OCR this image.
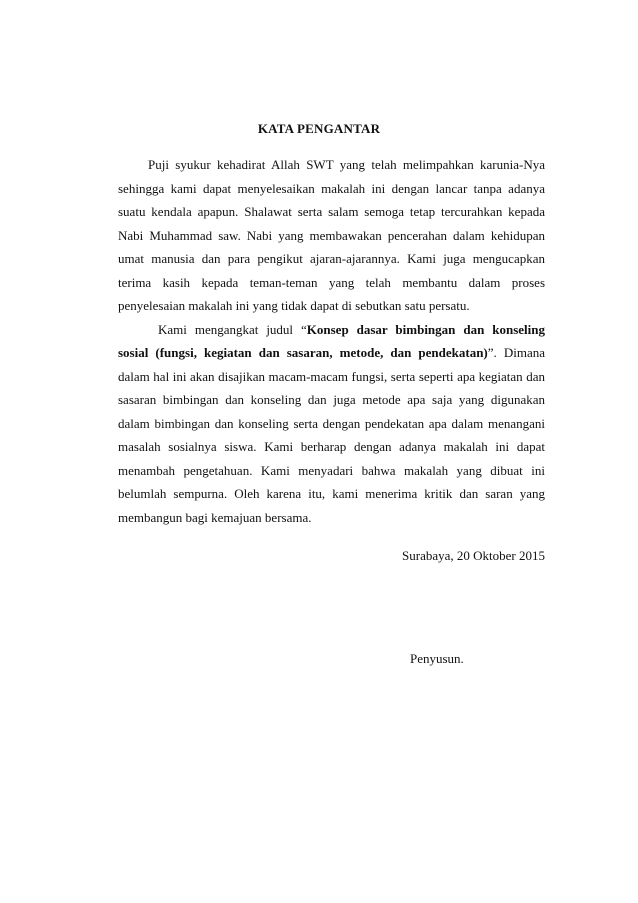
KATA PENGANTAR

Puji syukur kehadirat Allah SWT yang telah melimpahkan karunia-Nya sehingga kami dapat menyelesaikan makalah ini dengan lancar tanpa adanya suatu kendala apapun. Shalawat serta salam semoga tetap tercurahkan kepada Nabi Muhammad saw. Nabi yang membawakan pencerahan dalam kehidupan umat manusia dan para pengikut ajaran-ajarannya. Kami juga mengucapkan terima kasih kepada teman-teman yang telah membantu dalam proses penyelesaian makalah ini yang tidak dapat di sebutkan satu persatu.

Kami mengangkat judul “Konsep dasar bimbingan dan konseling sosial (fungsi, kegiatan dan sasaran, metode, dan pendekatan)”. Dimana dalam hal ini akan disajikan macam-macam fungsi, serta seperti apa kegiatan dan sasaran bimbingan dan konseling dan juga metode apa saja yang digunakan dalam bimbingan dan konseling serta dengan pendekatan apa dalam menangani masalah sosialnya siswa. Kami berharap dengan adanya makalah ini dapat menambah pengetahuan. Kami menyadari bahwa makalah yang dibuat ini belumlah sempurna. Oleh karena itu, kami menerima kritik dan saran yang membangun bagi kemajuan bersama.

Surabaya, 20 Oktober 2015
Penyusun.
